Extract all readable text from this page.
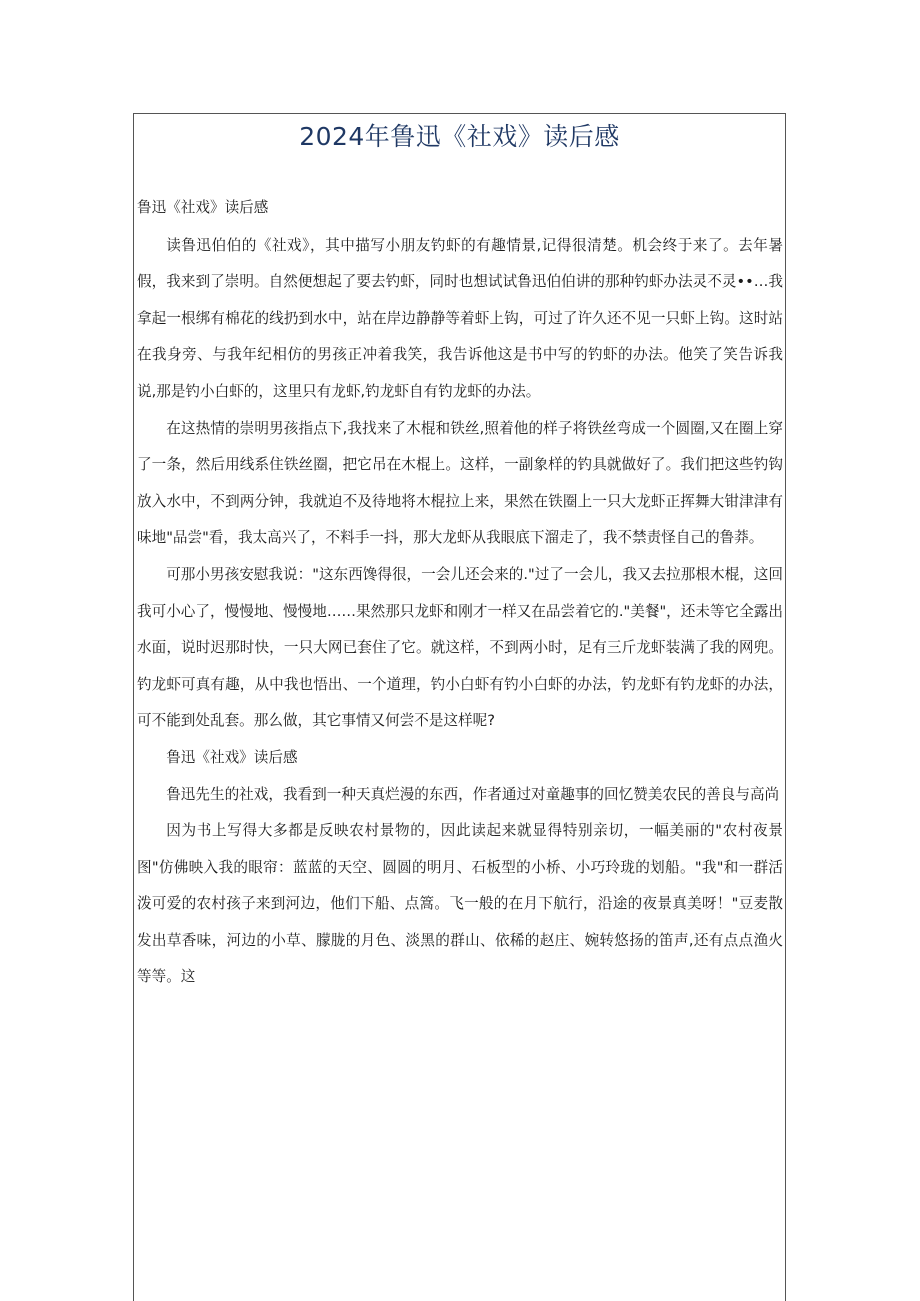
2024年鲁迅《社戏》读后感

鲁迅《社戏》读后感

读鲁迅伯伯的《社戏》，其中描写小朋友钓虾的有趣情景,记得很清楚。机会终于来了。去年暑假，我来到了崇明。自然便想起了要去钓虾，同时也想试试鲁迅伯伯讲的那种钓虾办法灵不灵••…我拿起一根绑有棉花的线扔到水中，站在岸边静静等着虾上钩，可过了许久还不见一只虾上钩。这时站在我身旁、与我年纪相仿的男孩正冲着我笑，我告诉他这是书中写的钓虾的办法。他笑了笑告诉我说,那是钓小白虾的，这里只有龙虾,钓龙虾自有钓龙虾的办法。

在这热情的崇明男孩指点下,我找来了木棍和铁丝,照着他的样子将铁丝弯成一个圆圈,又在圈上穿了一条，然后用线系住铁丝圈，把它吊在木棍上。这样，一副象样的钓具就做好了。我们把这些钓钩放入水中，不到两分钟，我就迫不及待地将木棍拉上来，果然在铁圈上一只大龙虾正挥舞大钳津津有味地"品尝"看，我太高兴了，不料手一抖，那大龙虾从我眼底下溜走了，我不禁责怪自己的鲁莽。

可那小男孩安慰我说："这东西馋得很，一会儿还会来的."过了一会儿，我又去拉那根木棍，这回我可小心了，慢慢地、慢慢地……果然那只龙虾和刚才一样又在品尝着它的."美餐"，还未等它全露出水面，说时迟那时快，一只大网已套住了它。就这样，不到两小时，足有三斤龙虾装满了我的网兜。钓龙虾可真有趣，从中我也悟出、一个道理，钓小白虾有钓小白虾的办法，钓龙虾有钓龙虾的办法，可不能到处乱套。那么做，其它事情又何尝不是这样呢?

鲁迅《社戏》读后感

鲁迅先生的社戏，我看到一种天真烂漫的东西，作者通过对童趣事的回忆赞美农民的善良与高尚

因为书上写得大多都是反映农村景物的，因此读起来就显得特别亲切，一幅美丽的"农村夜景图"仿佛映入我的眼帘：蓝蓝的天空、圆圆的明月、石板型的小桥、小巧玲珑的划船。"我"和一群活泼可爱的农村孩子来到河边，他们下船、点篙。飞一般的在月下航行，沿途的夜景真美呀！"豆麦散发出草香味，河边的小草、朦胧的月色、淡黑的群山、依稀的赵庄、婉转悠扬的笛声,还有点点渔火等等。这
